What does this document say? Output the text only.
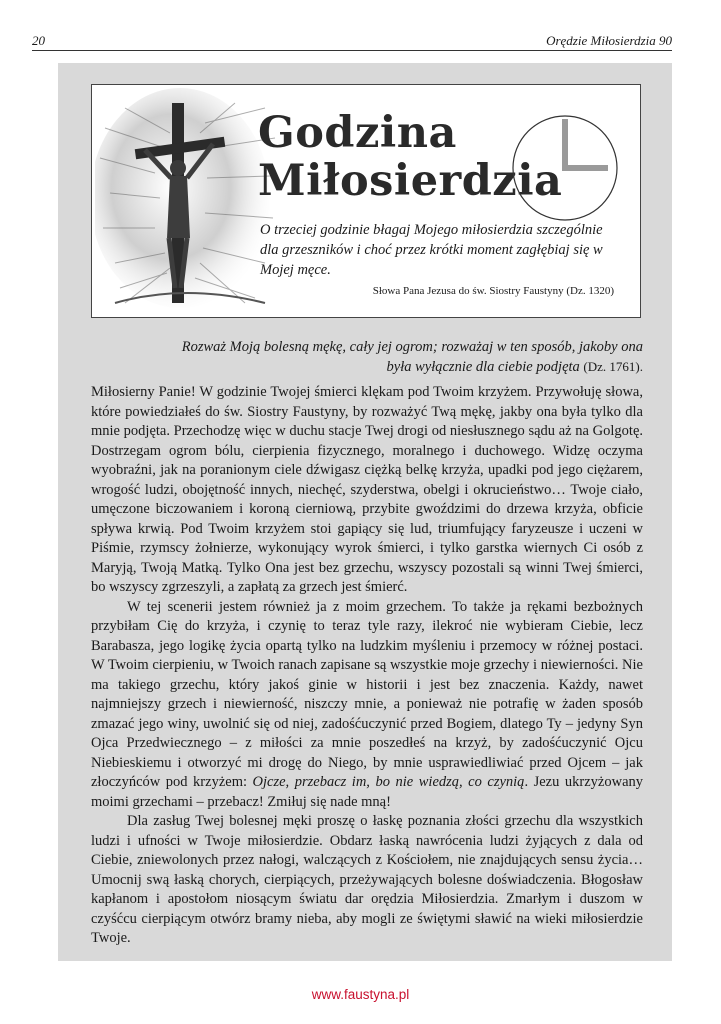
20	Orędzie Miłosierdzia 90
Godzina
Miłosierdzia

O trzeciej godzinie błagaj Mojego miłosierdzia szczególnie dla grzeszników i choć przez krótki moment zagłębiaj się w Mojej męce.

Słowa Pana Jezusa do św. Siostry Faustyny (Dz. 1320)

Rozważ Moją bolesną mękę, cały jej ogrom; rozważaj w ten sposób, jakoby ona była wyłącznie dla ciebie podjęta (Dz. 1761).

Miłosierny Panie! W godzinie Twojej śmierci klękam pod Twoim krzyżem. Przywołuję słowa, które powiedziałeś do św. Siostry Faustyny, by rozważyć Twą mękę, jakby ona była tylko dla mnie podjęta. Przechodzę więc w duchu stacje Twej drogi od niesłusznego sądu aż na Golgotę. Dostrzegam ogrom bólu, cierpienia fizycznego, moralnego i duchowego. Widzę oczyma wyobraźni, jak na poranionym ciele dźwigasz ciężką belkę krzyża, upadki pod jego ciężarem, wrogość ludzi, obojętność innych, niechęć, szyderstwa, obelgi i okrucieństwo… Twoje ciało, umęczone biczowaniem i koroną cierniową, przybite gwoździmi do drzewa krzyża, obficie spływa krwią. Pod Twoim krzyżem stoi gapiący się lud, triumfujący faryzeusze i uczeni w Piśmie, rzymscy żołnierze, wykonujący wyrok śmierci, i tylko garstka wiernych Ci osób z Maryją, Twoją Matką. Tylko Ona jest bez grzechu, wszyscy pozostali są winni Twej śmierci, bo wszyscy zgrzeszyli, a zapłatą za grzech jest śmierć.

W tej scenerii jestem również ja z moim grzechem. To także ja rękami bezbożnych przybiłam Cię do krzyża, i czynię to teraz tyle razy, ilekroć nie wybieram Ciebie, lecz Barabasza, jego logikę życia opartą tylko na ludzkim myśleniu i przemocy w różnej postaci. W Twoim cierpieniu, w Twoich ranach zapisane są wszystkie moje grzechy i niewierności. Nie ma takiego grzechu, który jakoś ginie w historii i jest bez znaczenia. Każdy, nawet najmniejszy grzech i niewierność, niszczy mnie, a ponieważ nie potrafię w żaden sposób zmazać jego winy, uwolnić się od niej, zadośćuczynić przed Bogiem, dlatego Ty – jedyny Syn Ojca Przedwiecznego – z miłości za mnie poszedłeś na krzyż, by zadośćuczynić Ojcu Niebieskiemu i otworzyć mi drogę do Niego, by mnie usprawiedliwiać przed Ojcem – jak złoczyńców pod krzyżem: Ojcze, przebacz im, bo nie wiedzą, co czynią. Jezu ukrzyżowany moimi grzechami – przebacz! Zmiłuj się nade mną!

Dla zasług Twej bolesnej męki proszę o łaskę poznania złości grzechu dla wszystkich ludzi i ufności w Twoje miłosierdzie. Obdarz łaską nawrócenia ludzi żyjących z dala od Ciebie, zniewolonych przez nałogi, walczących z Kościołem, nie znajdujących sensu życia… Umocnij swą łaską chorych, cierpiących, przeżywających bolesne doświadczenia. Błogosław kapłanom i apostołom niosącym światu dar orędzia Miłosierdzia. Zmarłym i duszom w czyśćcu cierpiącym otwórz bramy nieba, aby mogli ze świętymi sławić na wieki miłosierdzie Twoje.

www.faustyna.pl
